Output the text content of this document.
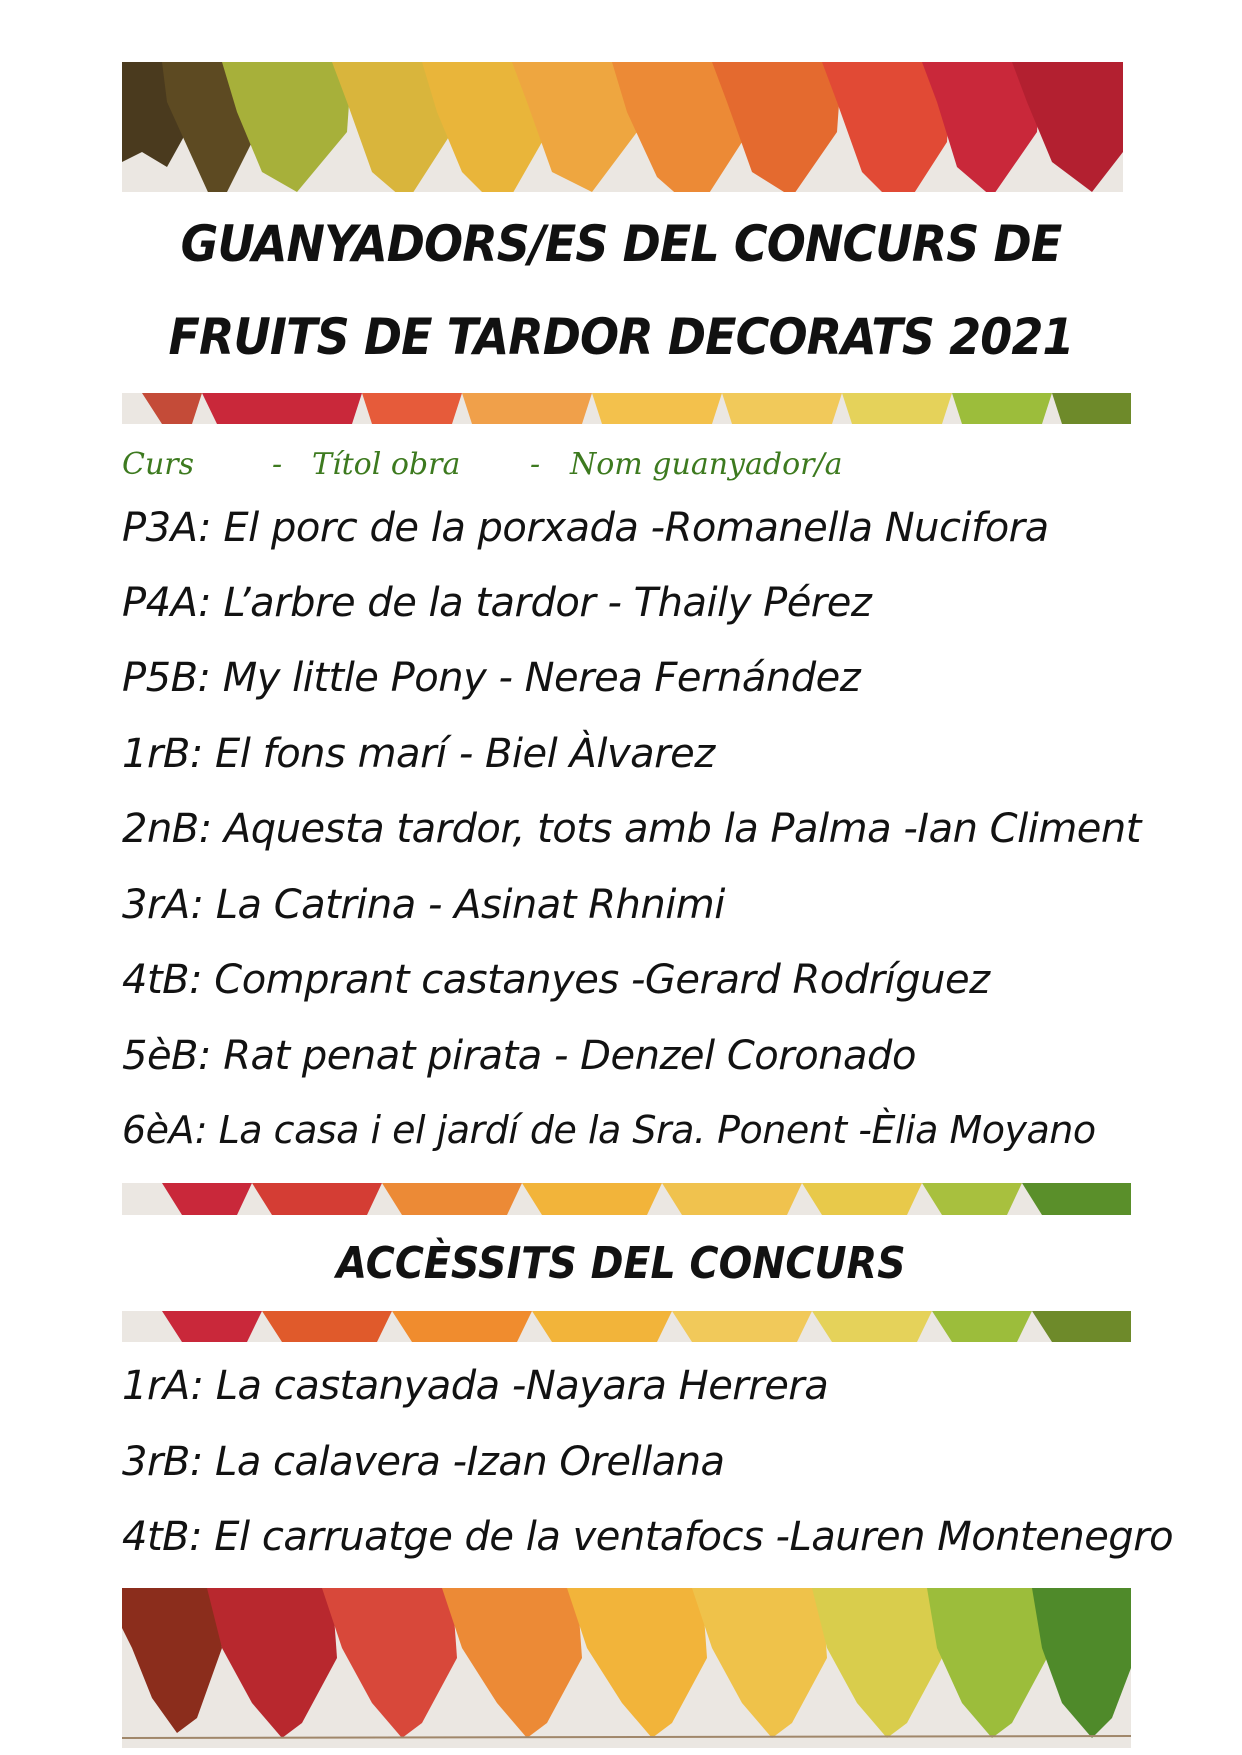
GUANYADORS/ES DEL CONCURS DE
FRUITS DE TARDOR DECORATS 2021
Curs	- Títol obra - Nom guanyador/a

P3A: El porc de la porxada -Romanella Nucifora

P4A: L’arbre de la tardor - Thaily Pérez

P5B: My little Pony - Nerea Fernández

1rB: El fons marí - Biel Àlvarez

2nB: Aquesta tardor, tots amb la Palma -Ian Climent

3rA: La Catrina - Asinat Rhnimi

4tB: Comprant castanyes -Gerard Rodríguez

5èB: Rat penat pirata - Denzel Coronado

6èA: La casa i el jardí de la Sra. Ponent -Èlia Moyano

ACCÈSSITS DEL CONCURS

1rA: La castanyada -Nayara Herrera

3rB: La calavera -Izan Orellana

4tB: El carruatge de la ventafocs -Lauren Montenegro
